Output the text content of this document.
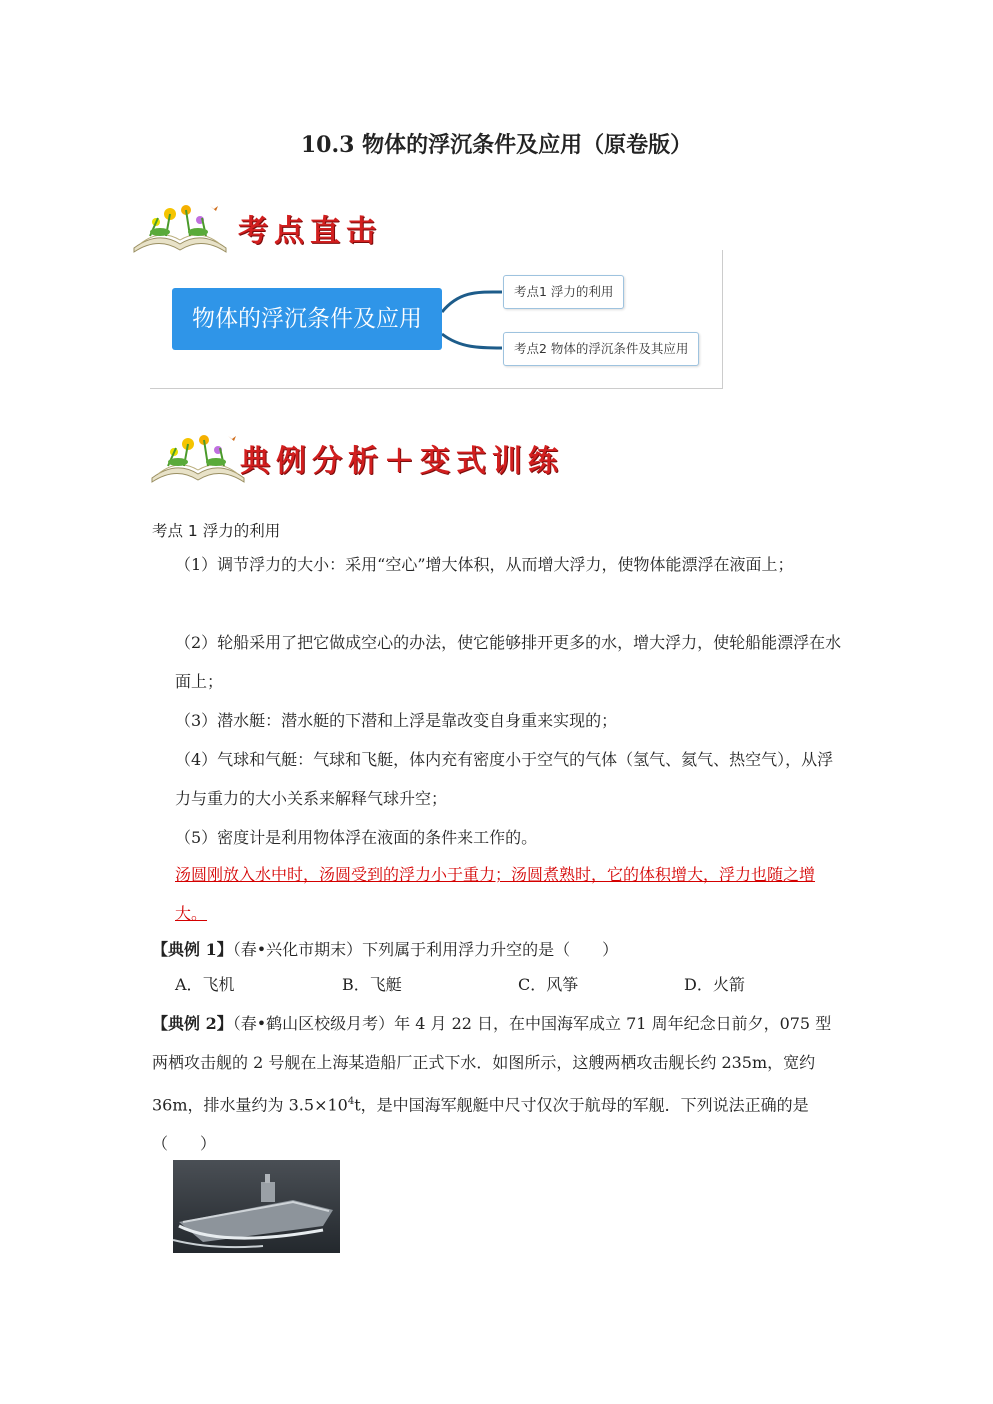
10.3 物体的浮沉条件及应用（原卷版）
考点直击
物体的浮沉条件及应用
考点1 浮力的利用
考点2 物体的浮沉条件及其应用
典例分析＋变式训练
考点 1 浮力的利用
（1）调节浮力的大小：采用“空心”增大体积，从而增大浮力，使物体能漂浮在液面上；
（2）轮船采用了把它做成空心的办法，使它能够排开更多的水，增大浮力，使轮船能漂浮在水面上；
（3）潜水艇：潜水艇的下潜和上浮是靠改变自身重来实现的；
（4）气球和气艇：气球和飞艇，体内充有密度小于空气的气体（氢气、氦气、热空气），从浮力与重力的大小关系来解释气球升空；
（5）密度计是利用物体浮在液面的条件来工作的。
汤圆刚放入水中时，汤圆受到的浮力小于重力；汤圆煮熟时，它的体积增大，浮力也随之增大。
【典例 1】（春•兴化市期末）下列属于利用浮力升空的是（　　）
A．飞机	B．飞艇	C．风筝	D．火箭
【典例 2】（春•鹤山区校级月考）年 4 月 22 日，在中国海军成立 71 周年纪念日前夕，075 型两栖攻击舰的 2 号舰在上海某造船厂正式下水．如图所示，这艘两栖攻击舰长约 235m，宽约 36m，排水量约为 $3.5\times 10^4t$，是中国海军舰艇中尺寸仅次于航母的军舰．下列说法正确的是（　　）
